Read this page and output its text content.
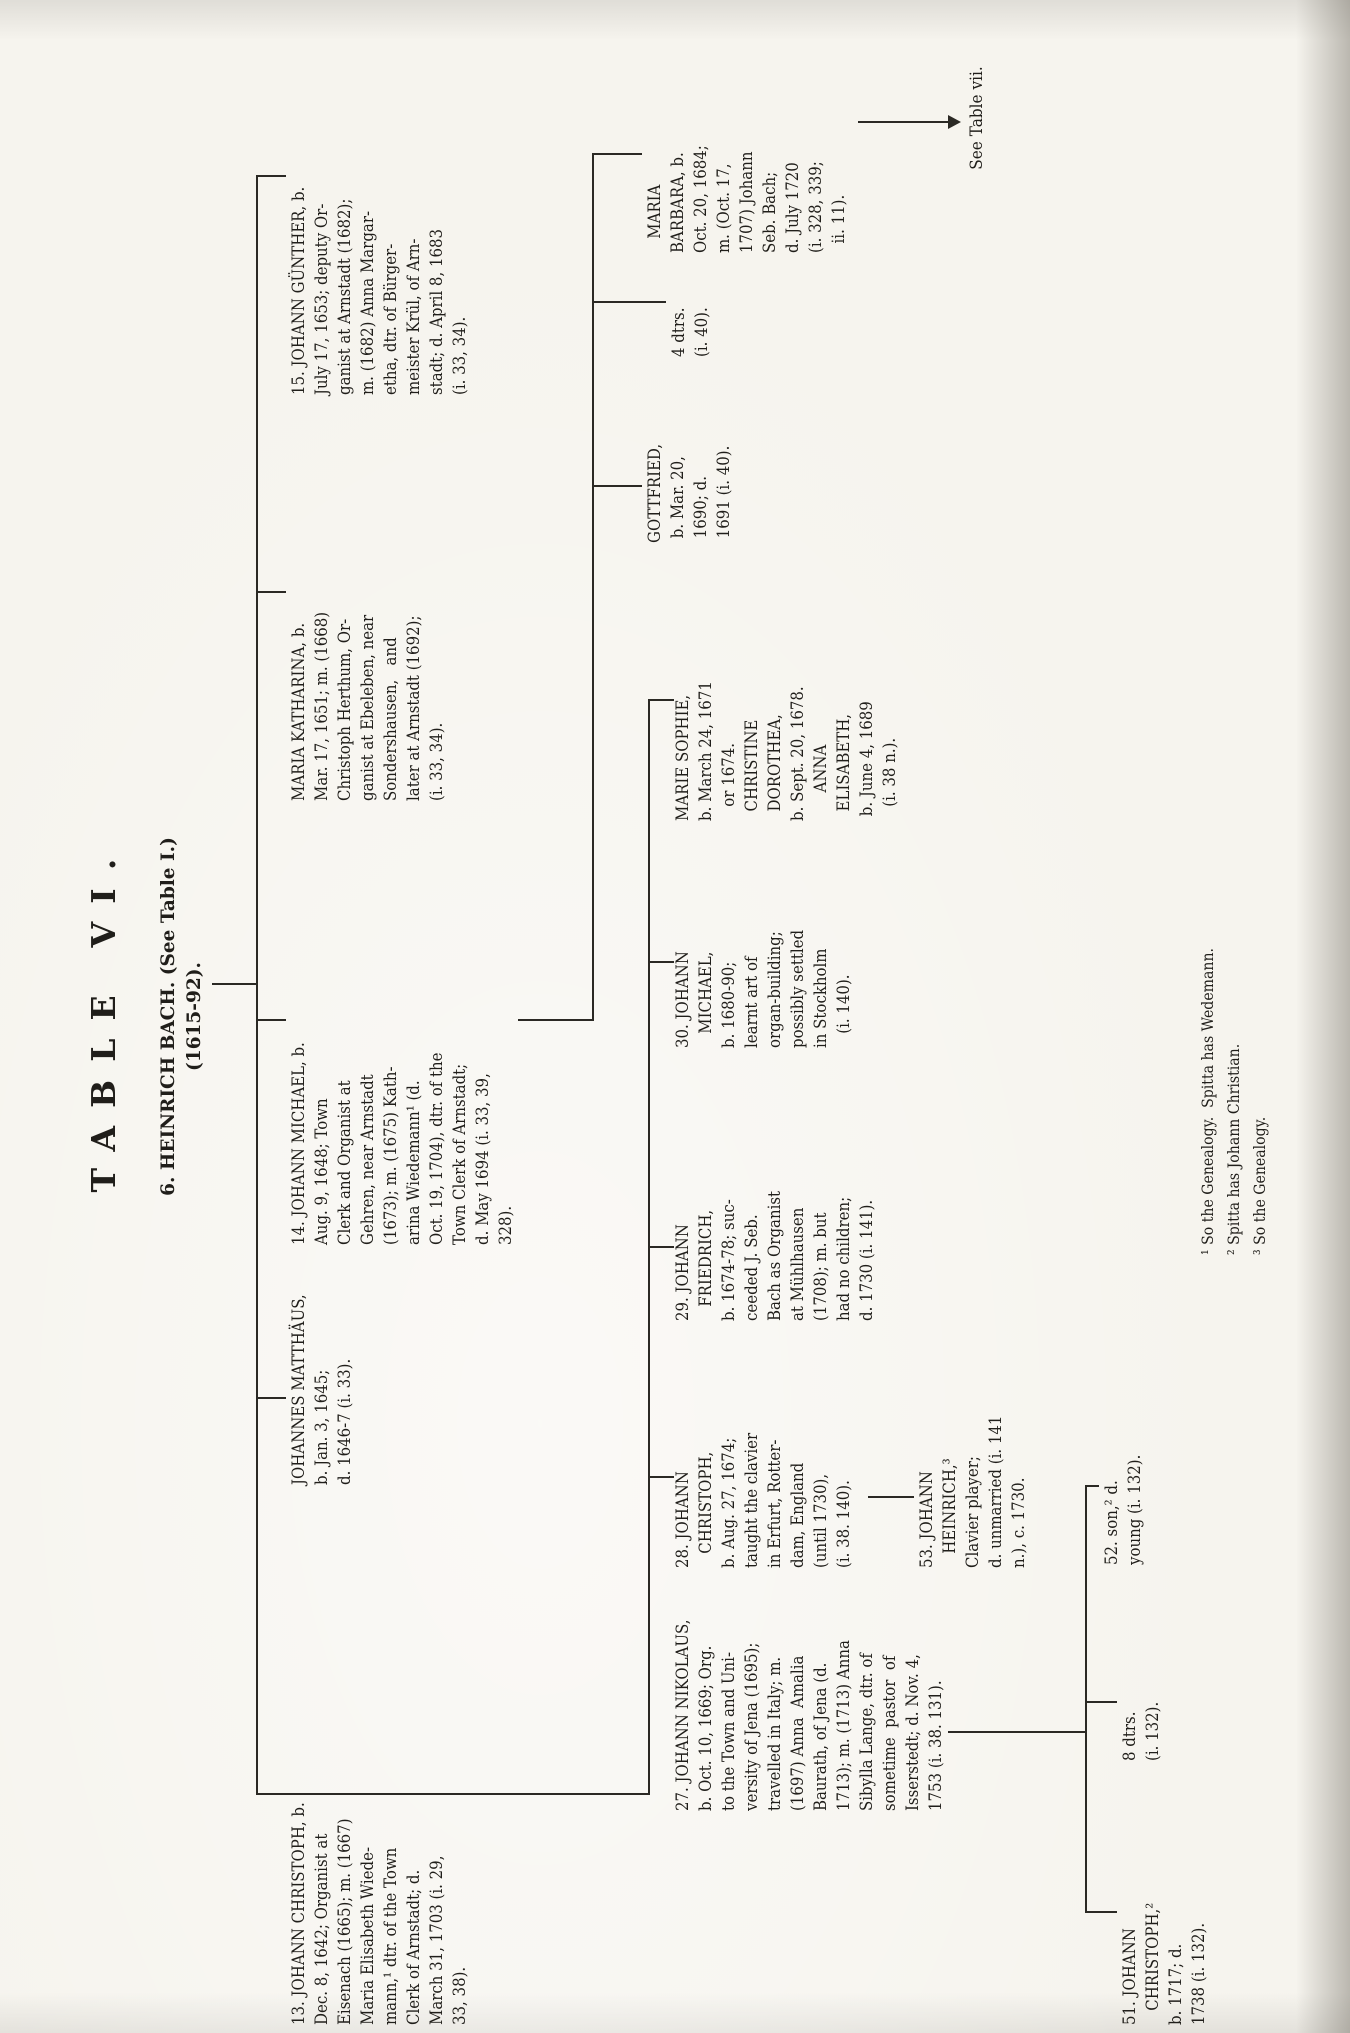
TABLE VI. 6. HEINRICH BACH. (See Table I.) (1615-92).
13. JOHANN CHRISTOPH, b. Dec. 8, 1642; Organist at Eisenach (1665); m. (1667) Maria Elisabeth Wiede- mann,¹ dtr. of the Town Clerk of Arnstadt; d. March 31, 1703 (i. 29, 33, 38).
JOHANNES MATTHÄUS, b. Jan. 3, 1645; d. 1646-7 (i. 33).
14. JOHANN MICHAEL, b. Aug. 9, 1648; Town Clerk and Organist at Gehren, near Arnstadt (1673); m. (1675) Kath- arina Wiedemann¹ (d. Oct. 19, 1704), dtr. of the Town Clerk of Arnstadt; d. May 1694 (i. 33, 39, 328).
MARIA KATHARINA, b. Mar. 17, 1651; m. (1668) Christoph Herthum, Or- ganist at Ebeleben, near Sondershausen,   and later at Arnstadt (1692); (i. 33, 34).
15. JOHANN GÜNTHER, b. July 17, 1653; deputy Or- ganist at Arnstadt (1682); m. (1682) Anna Margar- etha, dtr. of Bürger- meister Krül, of Arn- stadt; d. April 8, 1683 (i. 33, 34).
27. JOHANN NIKOLAUS, b. Oct. 10, 1669; Org. to the Town and Uni- versity of Jena (1695); travelled in Italy; m. (1697) Anna  Amalia Baurath, of Jena (d. 1713); m. (1713) Anna Sibylla Lange, dtr. of sometime  pastor  of Isserstedt; d. Nov. 4, 1753 (i. 38. 131).
28. JOHANN CHRISTOPH, b. Aug. 27, 1674; taught the clavier in Erfurt, Rotter- dam, England (until 1730), (i. 38. 140).
29. JOHANN FRIEDRICH, b. 1674-78; suc- ceeded J. Seb. Bach as Organist at Mühlhausen (1708); m. but had no children; d. 1730 (i. 141).
30. JOHANN MICHAEL, b. 1680-90; learnt art of organ-building; possibly settled in Stockholm (i. 140).
MARIE SOPHIE, b. March 24, 1671 or 1674. CHRISTINE DOROTHEA, b. Sept. 20, 1678. ANNA ELISABETH, b. June 4, 1689 (i. 38 n.).
GOTTFRIED, b. Mar. 20, 1690; d. 1691 (i. 40).
4 dtrs. (i. 40).
MARIA BARBARA, b. Oct. 20, 1684; m. (Oct. 17, 1707) Johann Seb. Bach; d. July 1720 (i. 328, 339; ii. 11).
53. JOHANN HEINRICH,³ Clavier player; d. unmarried (i. 141 n.), c. 1730.
51. JOHANN CHRISTOPH,² b. 1717; d. 1738 (i. 132).
8 dtrs. (i. 132).
52. son,² d. young (i. 132).
See Table vii.
¹ So the Genealogy.  Spitta has Wedemann. ² Spitta has Johann Christian. ³ So the Genealogy.
